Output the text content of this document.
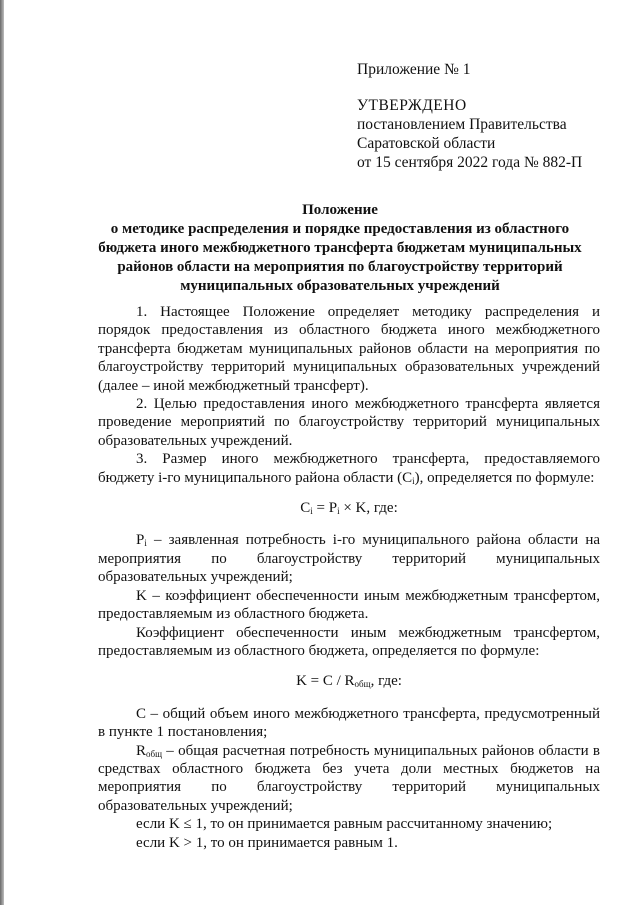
Приложение № 1
УТВЕРЖДЕНО
постановлением Правительства
Саратовской области
от 15 сентября 2022 года № 882-П
Положение
о методике распределения и порядке предоставления из областного бюджета иного межбюджетного трансферта бюджетам муниципальных районов области на мероприятия по благоустройству территорий муниципальных образовательных учреждений

1. Настоящее Положение определяет методику распределения и порядок предоставления из областного бюджета иного межбюджетного трансферта бюджетам муниципальных районов области на мероприятия по благоустройству территорий муниципальных образовательных учреждений (далее – иной межбюджетный трансферт).

2. Целью предоставления иного межбюджетного трансферта является проведение мероприятий по благоустройству территорий муниципальных образовательных учреждений.

3. Размер иного межбюджетного трансферта, предоставляемого бюджету i-го муниципального района области $(C_i)$, определяется по формуле:

$C_i = P_i \times K$, где:

$P_i$ – заявленная потребность i-го муниципального района области на мероприятия по благоустройству территорий муниципальных образовательных учреждений;

K – коэффициент обеспеченности иным межбюджетным трансфертом, предоставляемым из областного бюджета.

Коэффициент обеспеченности иным межбюджетным трансфертом, предоставляемым из областного бюджета, определяется по формуле:

$K = C / R_{общ}$, где:

C – общий объем иного межбюджетного трансферта, предусмотренный в пункте 1 постановления;

$R_{общ}$ – общая расчетная потребность муниципальных районов области в средствах областного бюджета без учета доли местных бюджетов на мероприятия по благоустройству территорий муниципальных образовательных учреждений;

если K ≤ 1, то он принимается равным рассчитанному значению;

если K > 1, то он принимается равным 1.
